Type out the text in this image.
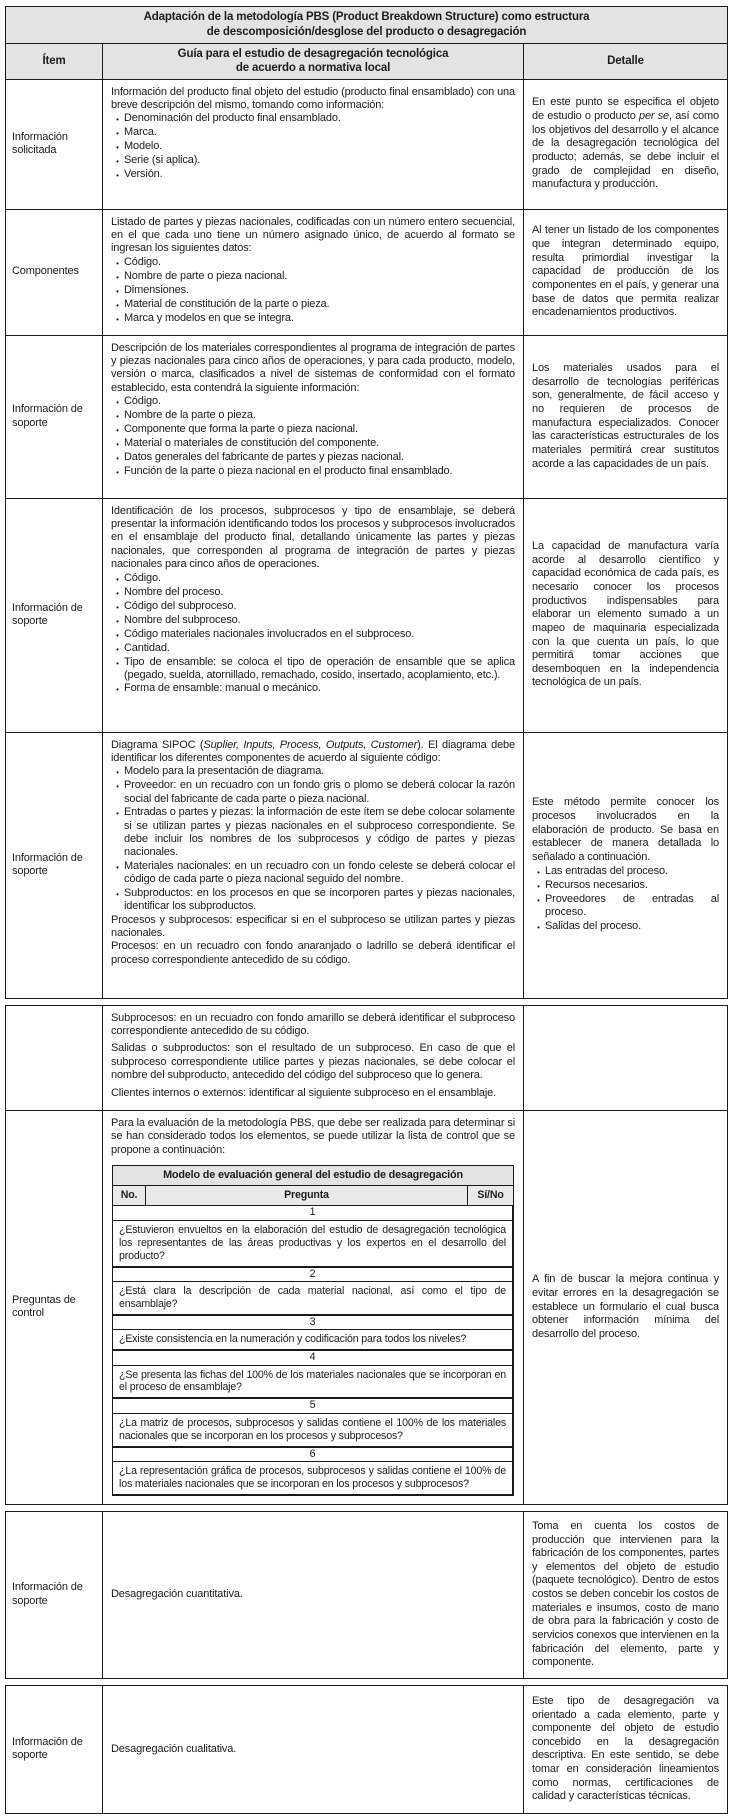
Adaptación de la metodología PBS (Product Breakdown Structure) como estructura
de descomposición/desglose del producto o desagregación
Ítem
Guía para el estudio de desagregación tecnológica
de acuerdo a normativa local
Detalle
Información solicitada
Información del producto final objeto del estudio (producto final ensamblado) con una breve descripción del mismo, tomando como información:
• Denominación del producto final ensamblado.
• Marca.
• Modelo.
• Serie (si aplica).
• Versión.
En este punto se especifica el objeto de estudio o producto per se, así como los objetivos del desarrollo y el alcance de la desagregación tecnológica del producto; además, se debe incluir el grado de complejidad en diseño, manufactura y producción.
Componentes
Listado de partes y piezas nacionales, codificadas con un número entero secuencial, en el que cada uno tiene un número asignado único, de acuerdo al formato se ingresan los siguientes datos:
• Código.
• Nombre de parte o pieza nacional.
• Dimensiones.
• Material de constitución de la parte o pieza.
• Marca y modelos en que se integra.
Al tener un listado de los componentes que integran determinado equipo, resulta primordial investigar la capacidad de producción de los componentes en el país, y generar una base de datos que permita realizar encadenamientos productivos.
Información de soporte
Descripción de los materiales correspondientes al programa de integración de partes y piezas nacionales para cinco años de operaciones, y para cada producto, modelo, versión o marca, clasificados a nivel de sistemas de conformidad con el formato establecido, esta contendrá la siguiente información:
• Código.
• Nombre de la parte o pieza.
• Componente que forma la parte o pieza nacional.
• Material o materiales de constitución del componente.
• Datos generales del fabricante de partes y piezas nacional.
• Función de la parte o pieza nacional en el producto final ensamblado.
Los materiales usados para el desarrollo de tecnologías periféricas son, generalmente, de fácil acceso y no requieren de procesos de manufactura especializados. Conocer las características estructurales de los materiales permitirá crear sustitutos acorde a las capacidades de un país.
Información de soporte
Identificación de los procesos, subprocesos y tipo de ensamblaje, se deberá presentar la información identificando todos los procesos y subprocesos involucrados en el ensamblaje del producto final, detallando únicamente las partes y piezas nacionales, que corresponden al programa de integración de partes y piezas nacionales para cinco años de operaciones.
• Código.
• Nombre del proceso.
• Código del subproceso.
• Nombre del subproceso.
• Código materiales nacionales involucrados en el subproceso.
• Cantidad.
• Tipo de ensamble: se coloca el tipo de operación de ensamble que se aplica (pegado, suelda, atornillado, remachado, cosido, insertado, acoplamiento, etc.).
• Forma de ensamble: manual o mecánico.
La capacidad de manufactura varía acorde al desarrollo científico y capacidad económica de cada país, es necesario conocer los procesos productivos indispensables para elaborar un elemento sumado a un mapeo de maquinaria especializada con la que cuenta un país, lo que permitirá tomar acciones que desemboquen en la independencia tecnológica de un país.
Información de soporte
Diagrama SIPOC (Suplier, Inputs, Process, Outputs, Customer). El diagrama debe identificar los diferentes componentes de acuerdo al siguiente código:
• Modelo para la presentación de diagrama.
• Proveedor: en un recuadro con un fondo gris o plomo se deberá colocar la razón social del fabricante de cada parte o pieza nacional.
• Entradas o partes y piezas: la información de este ítem se debe colocar solamente si se utilizan partes y piezas nacionales en el subproceso correspondiente. Se debe incluir los nombres de los subprocesos y código de partes y piezas nacionales.
• Materiales nacionales: en un recuadro con un fondo celeste se deberá colocar el código de cada parte o pieza nacional seguido del nombre.
• Subproductos: en los procesos en que se incorporen partes y piezas nacionales, identificar los subproductos.
Procesos y subprocesos: especificar si en el subproceso se utilizan partes y piezas nacionales.
Procesos: en un recuadro con fondo anaranjado o ladrillo se deberá identificar el proceso correspondiente antecedido de su código.
Este método permite conocer los procesos involucrados en la elaboración de producto. Se basa en establecer de manera detallada lo señalado a continuación.
• Las entradas del proceso.
• Recursos necesarios.
• Proveedores de entradas al proceso.
• Salidas del proceso.
Subprocesos: en un recuadro con fondo amarillo se deberá identificar el subproceso correspondiente antecedido de su código.
Salidas o subproductos: son el resultado de un subproceso. En caso de que el subproceso correspondiente utilice partes y piezas nacionales, se debe colocar el nombre del subproducto, antecedido del código del subproceso que lo genera.
Clientes internos o externos: identificar al siguiente subproceso en el ensamblaje.
Preguntas de control
Para la evaluación de la metodología PBS, que debe ser realizada para determinar si se han considerado todos los elementos, se puede utilizar la lista de control que se propone a continuación:
Modelo de evaluación general del estudio de desagregación
No.	Pregunta	Sí/No
1
¿Estuvieron envueltos en la elaboración del estudio de desagregación tecnológica los representantes de las áreas productivas y los expertos en el desarrollo del producto?
2
¿Está clara la descripción de cada material nacional, así como el tipo de ensamblaje?
3
¿Existe consistencia en la numeración y codificación para todos los niveles?
4
¿Se presenta las fichas del 100% de los materiales nacionales que se incorporan en el proceso de ensamblaje?
5
¿La matriz de procesos, subprocesos y salidas contiene el 100% de los materiales nacionales que se incorporan en los procesos y subprocesos?
6
¿La representación gráfica de procesos, subprocesos y salidas contiene el 100% de los materiales nacionales que se incorporan en los procesos y subprocesos?
A fin de buscar la mejora continua y evitar errores en la desagregación se establece un formulario el cual busca obtener información mínima del desarrollo del proceso.
Información de soporte
Desagregación cuantitativa.
Toma en cuenta los costos de producción que intervienen para la fabricación de los componentes, partes y elementos del objeto de estudio (paquete tecnológico). Dentro de estos costos se deben concebir los costos de materiales e insumos, costo de mano de obra para la fabricación y costo de servicios conexos que intervienen en la fabricación del elemento, parte y componente.
Información de soporte
Desagregación cualitativa.
Este tipo de desagregación va orientado a cada elemento, parte y componente del objeto de estudio concebido en la desagregación descriptiva. En este sentido, se debe tomar en consideración lineamientos como normas, certificaciones de calidad y características técnicas.
